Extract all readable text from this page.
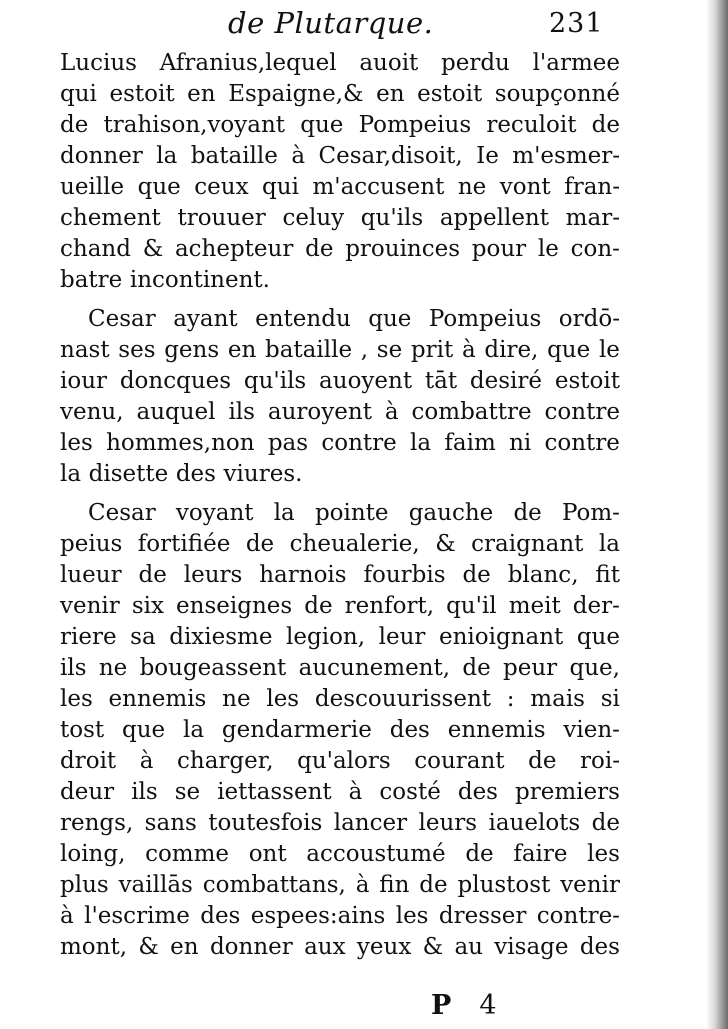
de Plutarque.	231
Lucius Afranius,lequel auoit perdu l'armee
qui estoit en Espaigne,& en estoit soupçonné
de trahison,voyant que Pompeius reculoit de
donner la bataille à Cesar,disoit, Ie m'esmer-
ueille que ceux qui m'accusent ne vont fran-
chement trouuer celuy qu'ils appellent mar-
chand & achepteur de prouinces pour le con-
batre incontinent.
Cesar ayant entendu que Pompeius ordō-
nast ses gens en bataille , se prit à dire, que le
iour doncques qu'ils auoyent tāt desiré estoit
venu, auquel ils auroyent à combattre contre
les hommes,non pas contre la faim ni contre
la disette des viures.
Cesar voyant la pointe gauche de Pom-
peius fortifiée de cheualerie, & craignant la
lueur de leurs harnois fourbis de blanc, fit
venir six enseignes de renfort, qu'il meit der-
riere sa dixiesme legion, leur enioignant que
ils ne bougeassent aucunement, de peur que,
les ennemis ne les descouurissent : mais si
tost que la gendarmerie des ennemis vien-
droit à charger, qu'alors courant de roi-
deur ils se iettassent à costé des premiers
rengs, sans toutesfois lancer leurs iauelots de
loing, comme ont accoustumé de faire les
plus vaillās combattans, à fin de plustost venir
à l'escrime des espees:ains les dresser contre-
mont, & en donner aux yeux & au visage des
P 4
